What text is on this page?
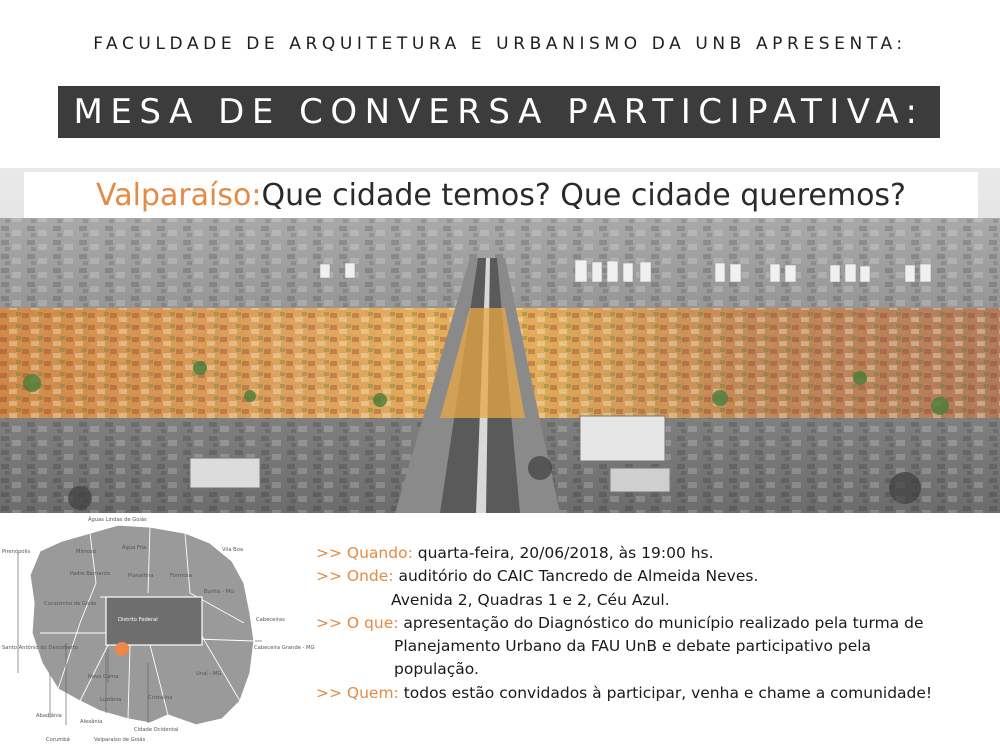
FACULDADE DE ARQUITETURA E URBANISMO DA UNB APRESENTA:
MESA DE CONVERSA PARTICIPATIVA:
Valparaíso: Que cidade temos? Que cidade queremos?
Águas Lindas de Goiás
Pirenópolis	Mimoso
Água Fria	Vila Boa
Padre Bernardo	Planaltina	Formosa
Buritis - MG
Cocalzinho de Goiás
Distrito Federal	Cabeceiras
Santo Antônio do Descoberto	Cabeceira Grande - MG
Novo Gama	Unaí - MG
Luziânia	Cristalina
Abadiânia
Alexânia
Cidade Ocidental
Corumbá	Valparaíso de Goiás
>> Quando: quarta-feira, 20/06/2018, às 19:00 hs.
>> Onde: auditório do CAIC Tancredo de Almeida Neves.
Avenida 2, Quadras 1 e 2, Céu Azul.
>> O que: apresentação do Diagnóstico do município realizado pela turma de
Planejamento Urbano da FAU UnB e debate participativo pela
população.
>> Quem: todos estão convidados à participar, venha e chame a comunidade!
